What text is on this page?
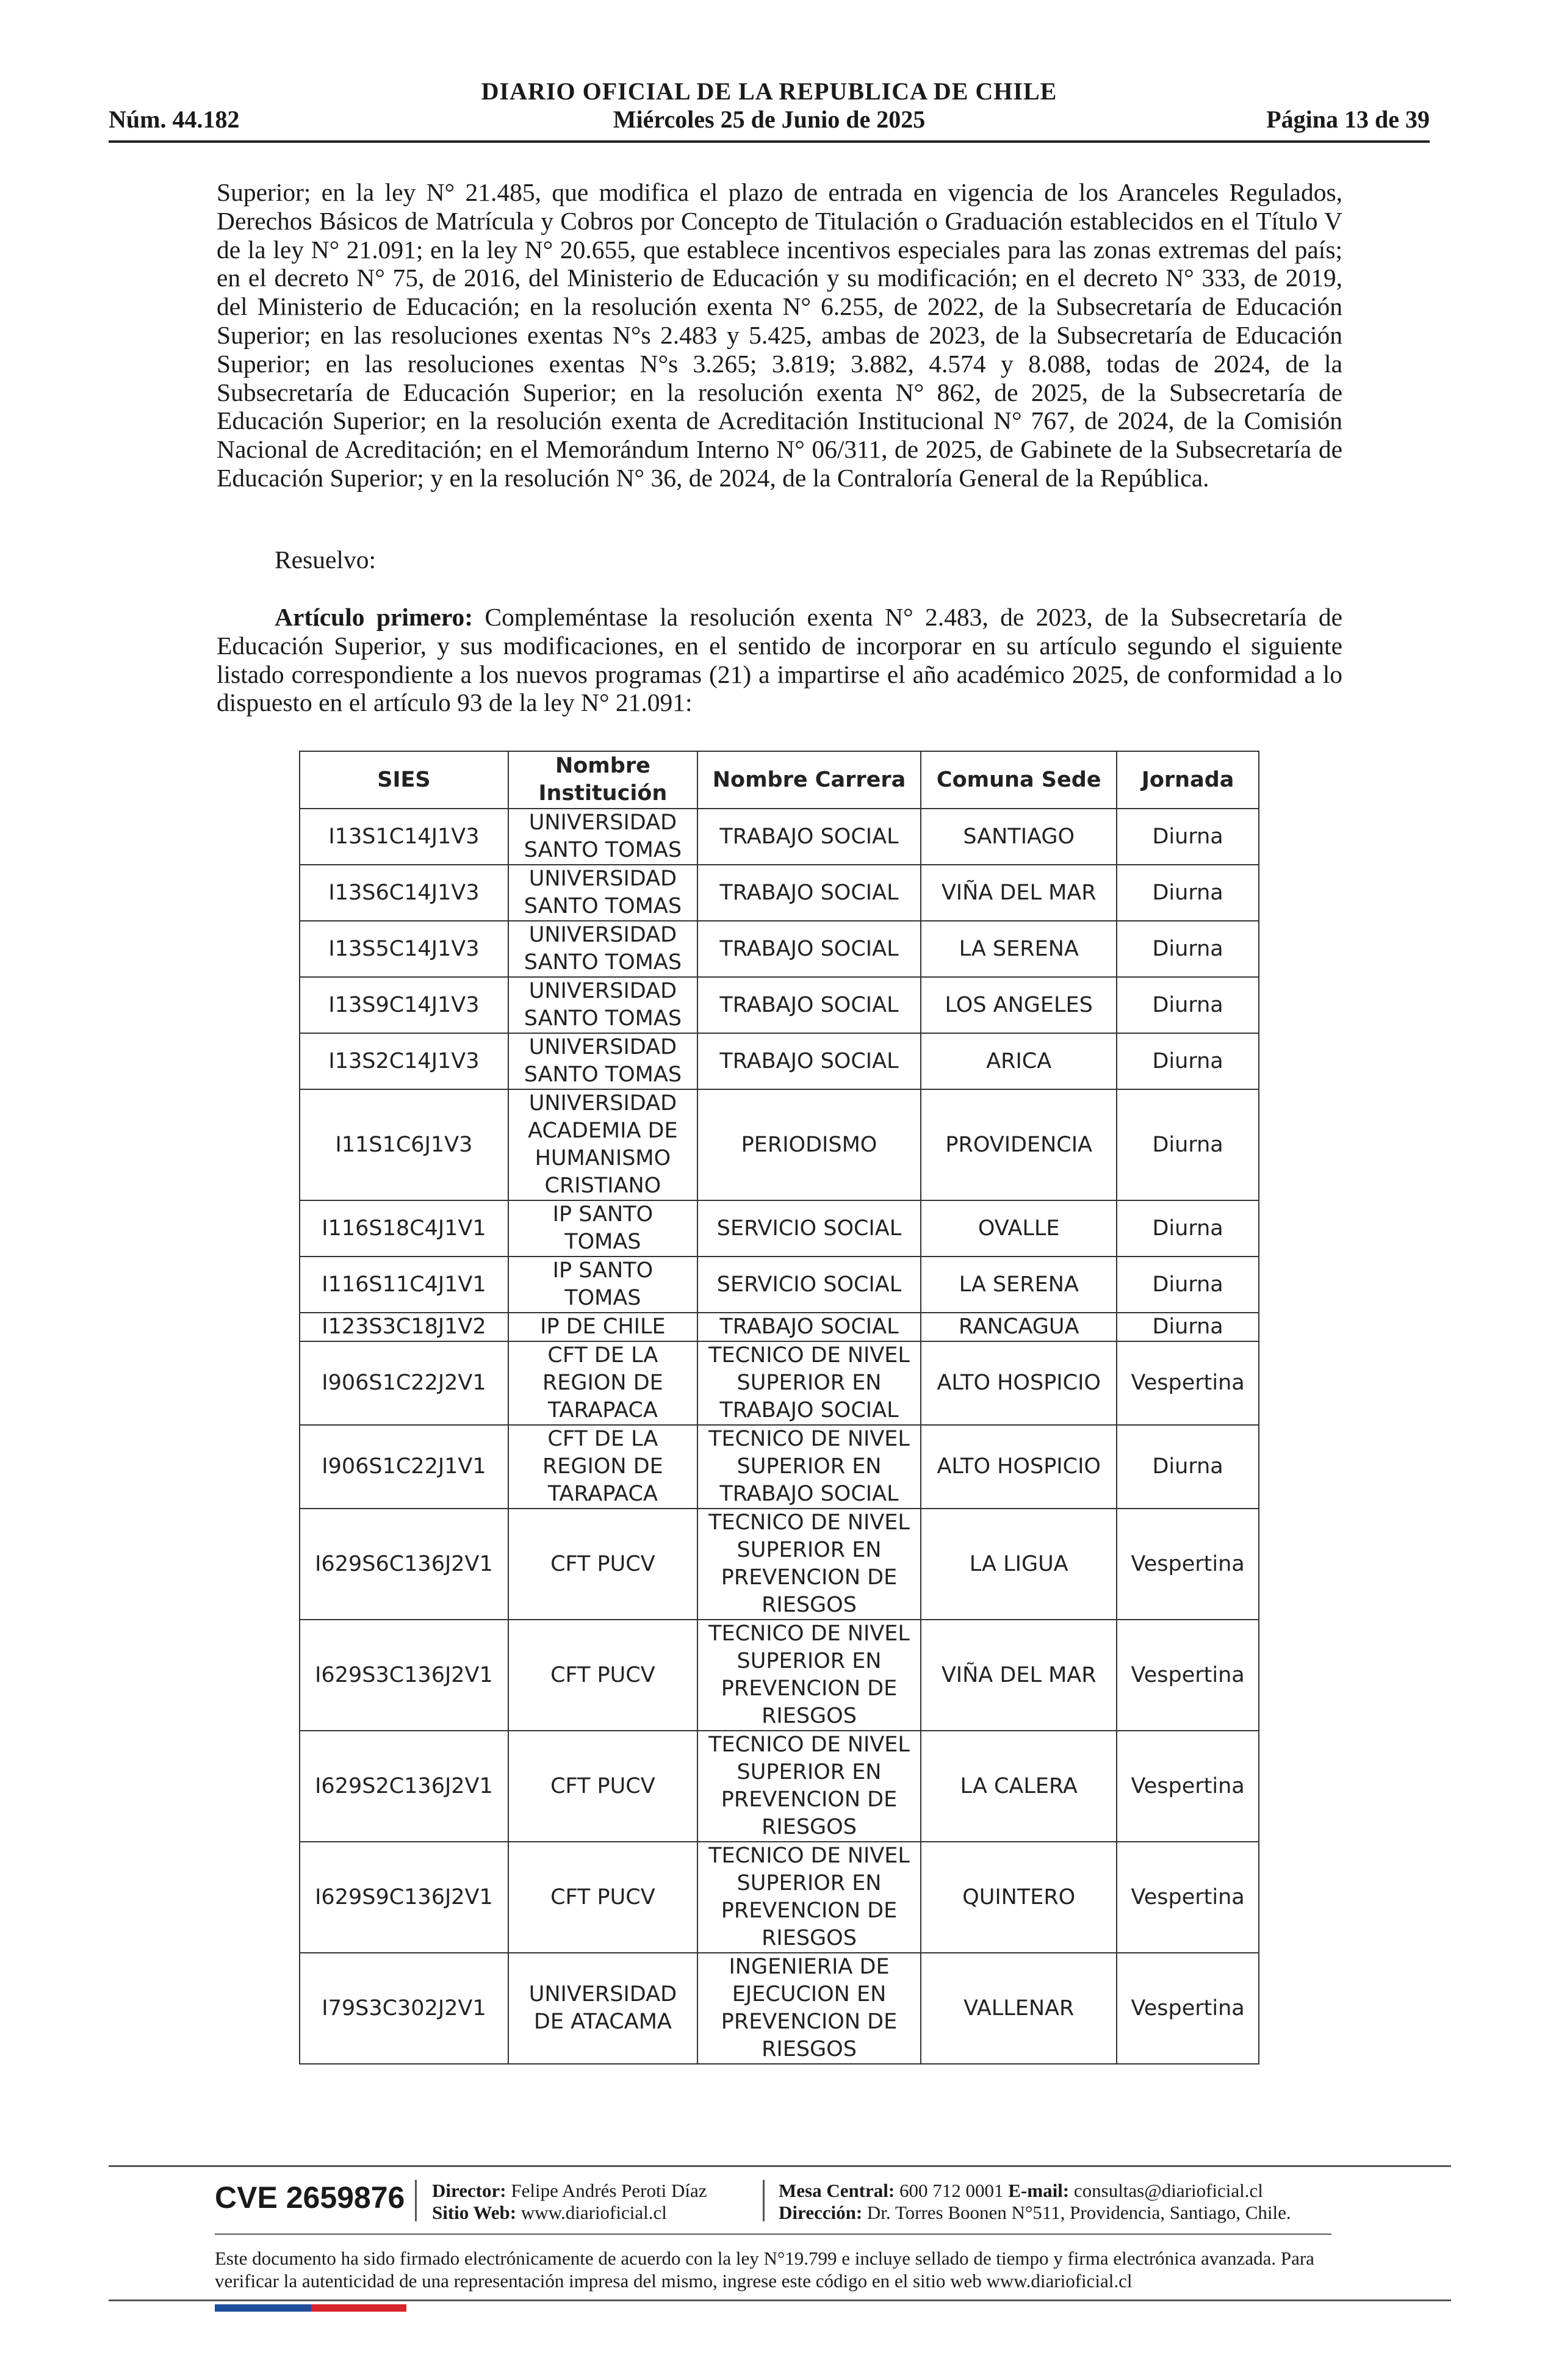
DIARIO OFICIAL DE LA REPUBLICA DE CHILE
Núm. 44.182	Miércoles 25 de Junio de 2025	Página 13 de 39
Superior; en la ley N° 21.485, que modifica el plazo de entrada en vigencia de los Aranceles Regulados, Derechos Básicos de Matrícula y Cobros por Concepto de Titulación o Graduación establecidos en el Título V de la ley N° 21.091; en la ley N° 20.655, que establece incentivos especiales para las zonas extremas del país; en el decreto N° 75, de 2016, del Ministerio de Educación y su modificación; en el decreto N° 333, de 2019, del Ministerio de Educación; en la resolución exenta N° 6.255, de 2022, de la Subsecretaría de Educación Superior; en las resoluciones exentas N°s 2.483 y 5.425, ambas de 2023, de la Subsecretaría de Educación Superior; en las resoluciones exentas N°s 3.265; 3.819; 3.882, 4.574 y 8.088, todas de 2024, de la Subsecretaría de Educación Superior; en la resolución exenta N° 862, de 2025, de la Subsecretaría de Educación Superior; en la resolución exenta de Acreditación Institucional N° 767, de 2024, de la Comisión Nacional de Acreditación; en el Memorándum Interno N° 06/311, de 2025, de Gabinete de la Subsecretaría de Educación Superior; y en la resolución N° 36, de 2024, de la Contraloría General de la República.
Resuelvo:
Artículo primero: Compleméntase la resolución exenta N° 2.483, de 2023, de la Subsecretaría de Educación Superior, y sus modificaciones, en el sentido de incorporar en su artículo segundo el siguiente listado correspondiente a los nuevos programas (21) a impartirse el año académico 2025, de conformidad a lo dispuesto en el artículo 93 de la ley N° 21.091:
SIES	Nombre Institución	Nombre Carrera	Comuna Sede	Jornada
I13S1C14J1V3	UNIVERSIDAD SANTO TOMAS	TRABAJO SOCIAL	SANTIAGO	Diurna
I13S6C14J1V3	UNIVERSIDAD SANTO TOMAS	TRABAJO SOCIAL	VIÑA DEL MAR	Diurna
I13S5C14J1V3	UNIVERSIDAD SANTO TOMAS	TRABAJO SOCIAL	LA SERENA	Diurna
I13S9C14J1V3	UNIVERSIDAD SANTO TOMAS	TRABAJO SOCIAL	LOS ANGELES	Diurna
I13S2C14J1V3	UNIVERSIDAD SANTO TOMAS	TRABAJO SOCIAL	ARICA	Diurna
I11S1C6J1V3	UNIVERSIDAD ACADEMIA DE HUMANISMO CRISTIANO	PERIODISMO	PROVIDENCIA	Diurna
I116S18C4J1V1	IP SANTO TOMAS	SERVICIO SOCIAL	OVALLE	Diurna
I116S11C4J1V1	IP SANTO TOMAS	SERVICIO SOCIAL	LA SERENA	Diurna
I123S3C18J1V2	IP DE CHILE	TRABAJO SOCIAL	RANCAGUA	Diurna
I906S1C22J2V1	CFT DE LA REGION DE TARAPACA	TECNICO DE NIVEL SUPERIOR EN TRABAJO SOCIAL	ALTO HOSPICIO	Vespertina
I906S1C22J1V1	CFT DE LA REGION DE TARAPACA	TECNICO DE NIVEL SUPERIOR EN TRABAJO SOCIAL	ALTO HOSPICIO	Diurna
I629S6C136J2V1	CFT PUCV	TECNICO DE NIVEL SUPERIOR EN PREVENCION DE RIESGOS	LA LIGUA	Vespertina
I629S3C136J2V1	CFT PUCV	TECNICO DE NIVEL SUPERIOR EN PREVENCION DE RIESGOS	VIÑA DEL MAR	Vespertina
I629S2C136J2V1	CFT PUCV	TECNICO DE NIVEL SUPERIOR EN PREVENCION DE RIESGOS	LA CALERA	Vespertina
I629S9C136J2V1	CFT PUCV	TECNICO DE NIVEL SUPERIOR EN PREVENCION DE RIESGOS	QUINTERO	Vespertina
I79S3C302J2V1	UNIVERSIDAD DE ATACAMA	INGENIERIA DE EJECUCION EN PREVENCION DE RIESGOS	VALLENAR	Vespertina
CVE 2659876 Director: Felipe Andrés Peroti Díaz
Sitio Web: www.diarioficial.cl
Mesa Central: 600 712 0001 E-mail: consultas@diarioficial.cl
Dirección: Dr. Torres Boonen N°511, Providencia, Santiago, Chile.
Este documento ha sido firmado electrónicamente de acuerdo con la ley N°19.799 e incluye sellado de tiempo y firma electrónica avanzada. Para verificar la autenticidad de una representación impresa del mismo, ingrese este código en el sitio web www.diarioficial.cl
